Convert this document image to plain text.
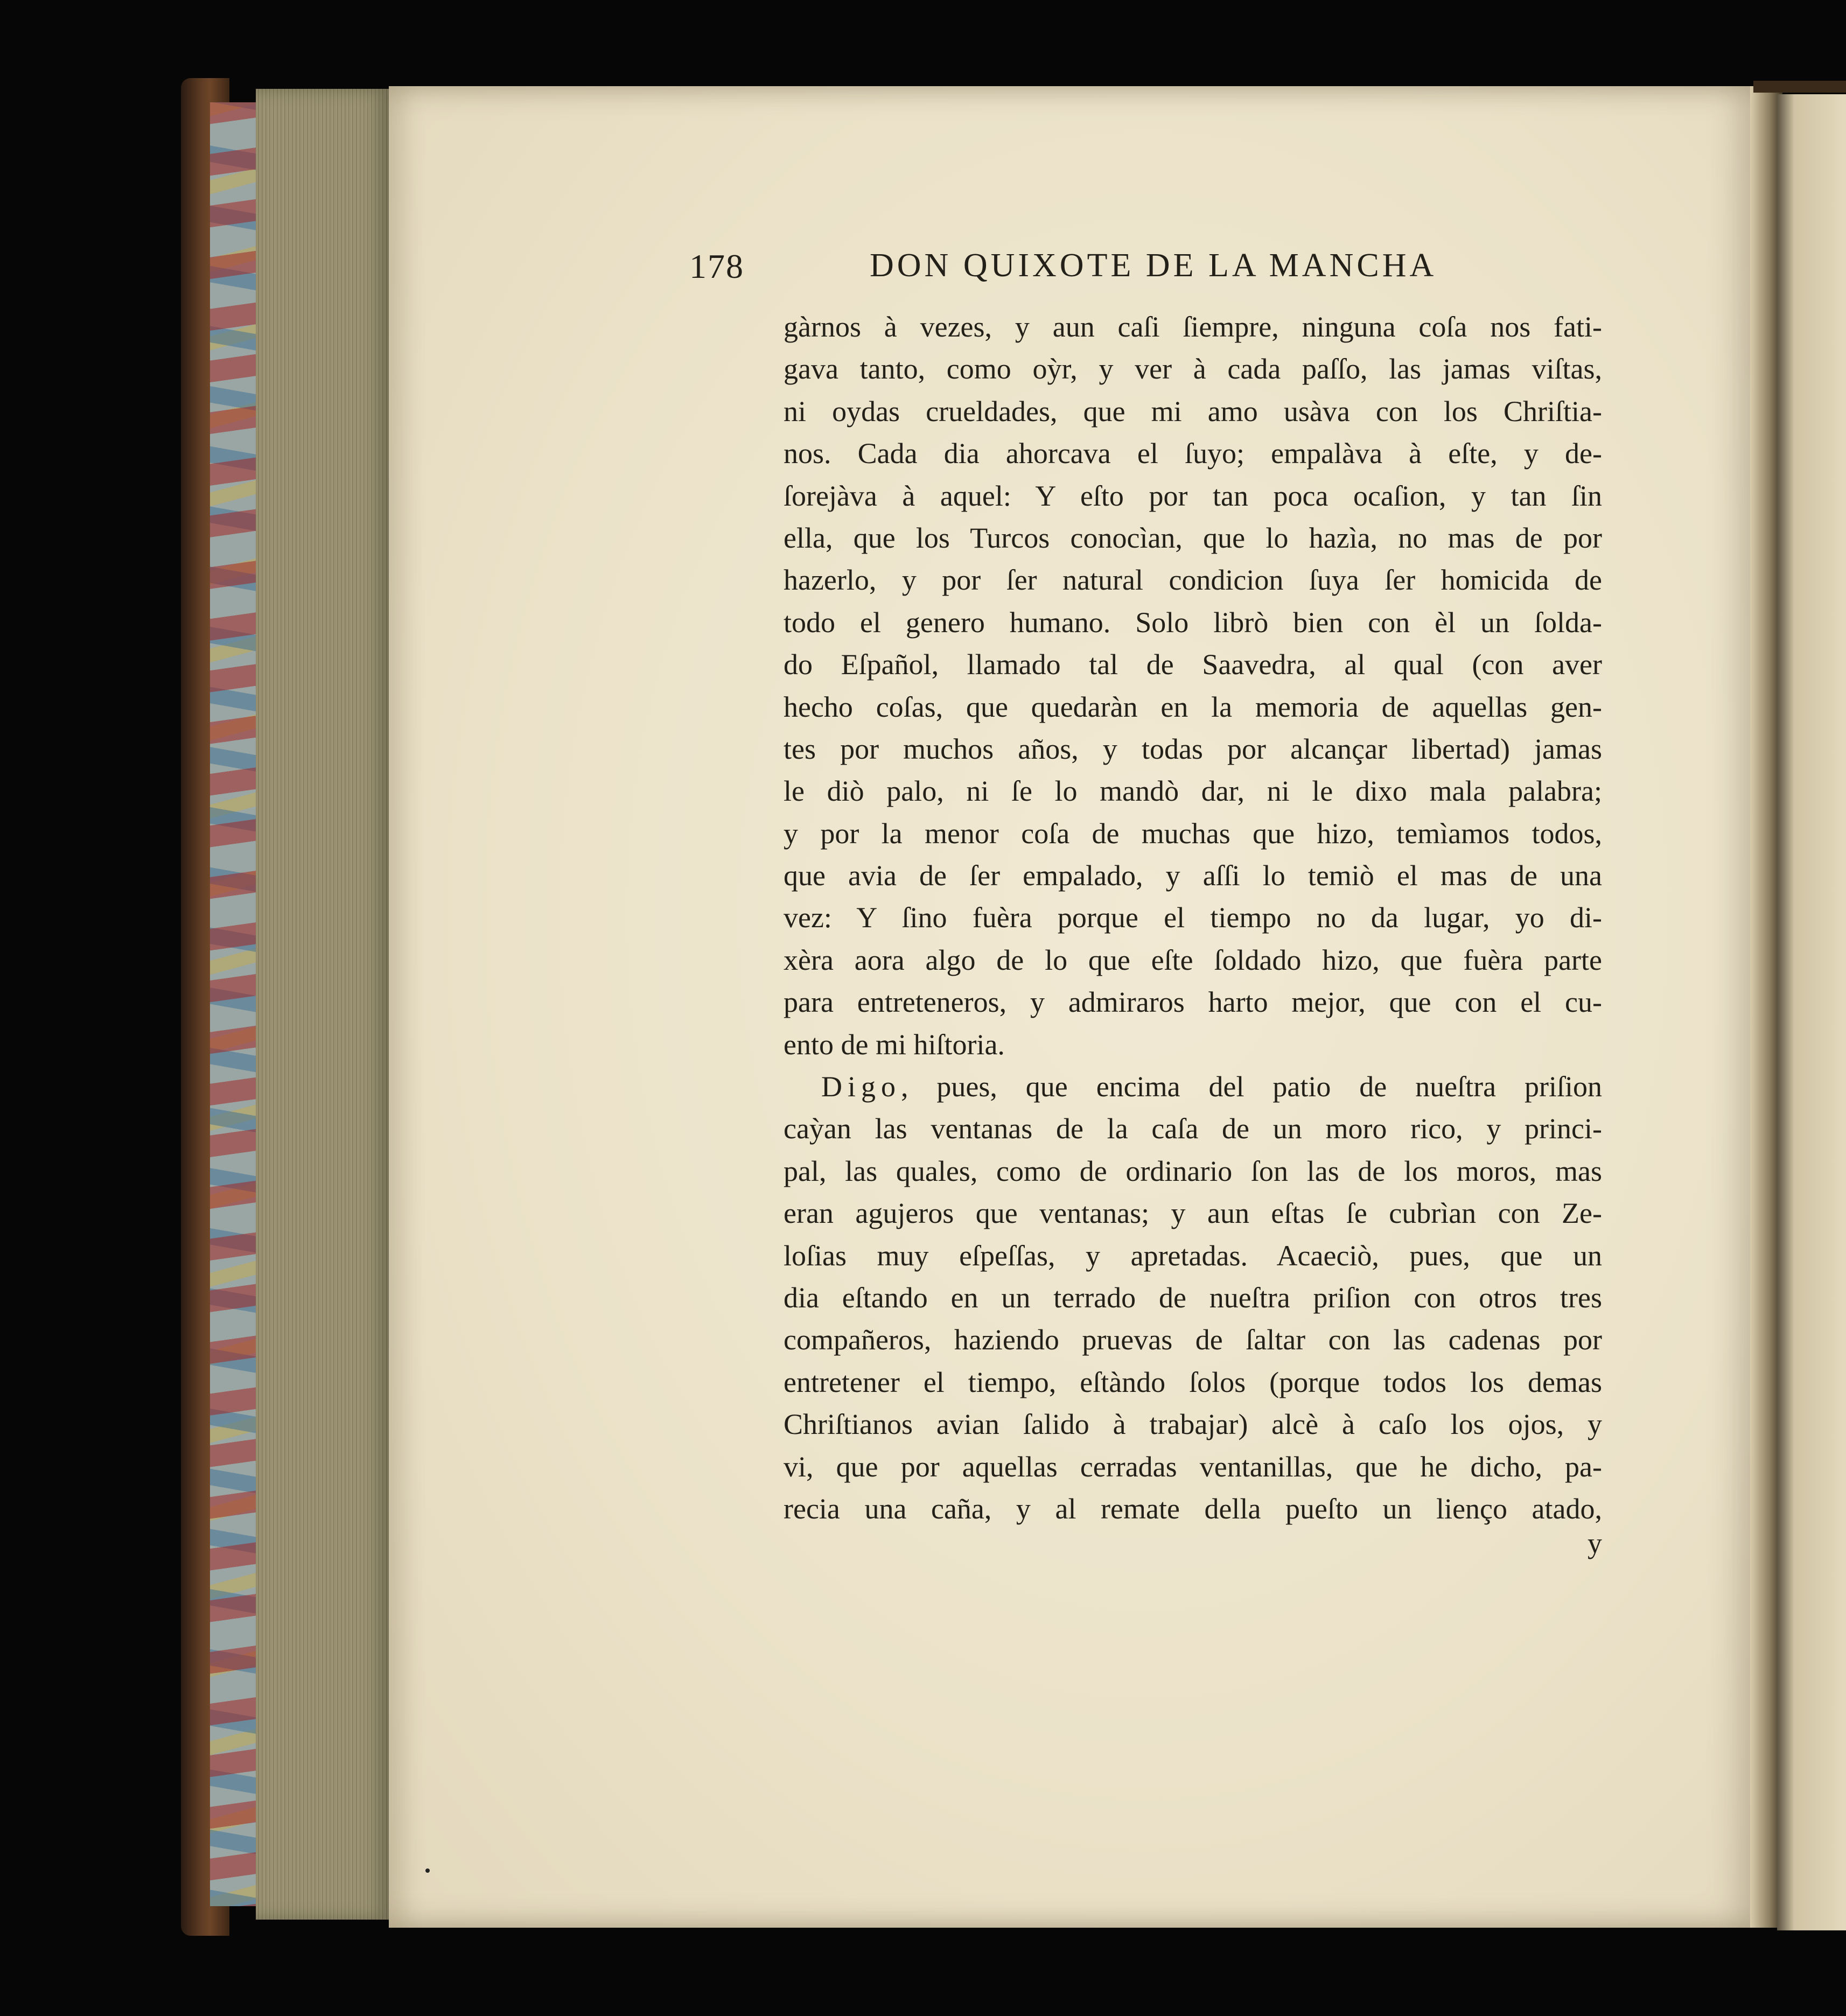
178	DON QUIXOTE DE LA MANCHA
gàrnos à vezes, y aun caſi ſiempre, ninguna coſa nos fati-
gava tanto, como oỳr, y ver à cada paſſo, las jamas viſtas,
ni oydas crueldades, que mi amo usàva con los Chriſtia-
nos. Cada dia ahorcava el ſuyo; empalàva à eſte, y de-
ſorejàva à aquel: Y eſto por tan poca ocaſion, y tan ſin
ella, que los Turcos conocìan, que lo hazìa, no mas de por
hazerlo, y por ſer natural condicion ſuya ſer homicida de
todo el genero humano. Solo librò bien con èl un ſolda-
do Eſpañol, llamado tal de Saavedra, al qual (con aver
hecho coſas, que quedaràn en la memoria de aquellas gen-
tes por muchos años, y todas por alcançar libertad) jamas
le diò palo, ni ſe lo mandò dar, ni le dixo mala palabra;
y por la menor coſa de muchas que hizo, temìamos todos,
que avia de ſer empalado, y aſſi lo temiò el mas de una
vez: Y ſino fuèra porque el tiempo no da lugar, yo di-
xèra aora algo de lo que eſte ſoldado hizo, que fuèra parte
para entreteneros, y admiraros harto mejor, que con el cu-
ento de mi hiſtoria.
Digo, pues, que encima del patio de nueſtra priſion
caỳan las ventanas de la caſa de un moro rico, y princi-
pal, las quales, como de ordinario ſon las de los moros, mas
eran agujeros que ventanas; y aun eſtas ſe cubrìan con Ze-
loſias muy eſpeſſas, y apretadas. Acaeciò, pues, que un
dia eſtando en un terrado de nueſtra priſion con otros tres
compañeros, haziendo pruevas de ſaltar con las cadenas por
entretener el tiempo, eſtàndo ſolos (porque todos los demas
Chriſtianos avian ſalido à trabajar) alcè à caſo los ojos, y
vi, que por aquellas cerradas ventanillas, que he dicho, pa-
recia una caña, y al remate della pueſto un lienço atado,
y
